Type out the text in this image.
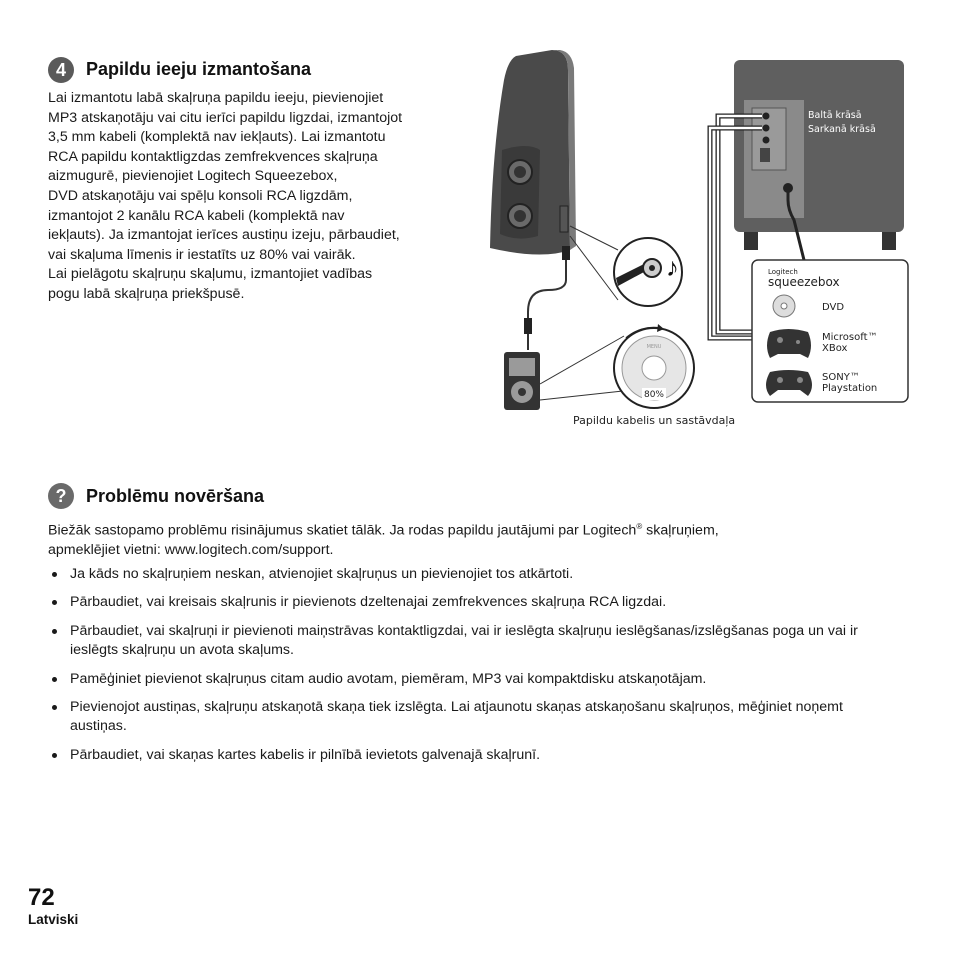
4 Papildu ieeju izmantošana
Lai izmantotu labā skaļruņa papildu ieeju, pievienojiet
MP3 atskaņotāju vai citu ierīci papildu ligzdai, izmantojot
3,5 mm kabeli (komplektā nav iekļauts). Lai izmantotu
RCA papildu kontaktligzdas zemfrekvences skaļruņa
aizmugurē, pievienojiet Logitech Squeezebox,
DVD atskaņotāju vai spēļu konsoli RCA ligzdām,
izmantojot 2 kanālu RCA kabeli (komplektā nav
iekļauts). Ja izmantojat ierīces austiņu izeju, pārbaudiet,
vai skaļuma līmenis ir iestatīts uz 80% vai vairāk.
Lai pielāgotu skaļruņu skaļumu, izmantojiet vadības
pogu labā skaļruņa priekšpusē.
♪
MENU
80%
Baltā krāsā
Sarkanā krāsā
Logitech
squeezebox
DVD
Microsoft™
XBox
SONY™
Playstation
Papildu kabelis un sastāvdaļa
? Problēmu novēršana
Biežāk sastopamo problēmu risinājumus skatiet tālāk. Ja rodas papildu jautājumi par Logitech® skaļruņiem,
apmeklējiet vietni: www.logitech.com/support.
Ja kāds no skaļruņiem neskan, atvienojiet skaļruņus un pievienojiet tos atkārtoti.
Pārbaudiet, vai kreisais skaļrunis ir pievienots dzeltenajai zemfrekvences skaļruņa RCA ligzdai.
Pārbaudiet, vai skaļruņi ir pievienoti maiņstrāvas kontaktligzdai, vai ir ieslēgta skaļruņu ieslēgšanas/izslēgšanas poga un vai ir ieslēgts skaļruņu un avota skaļums.
Pamēģiniet pievienot skaļruņus citam audio avotam, piemēram, MP3 vai kompaktdisku atskaņotājam.
Pievienojot austiņas, skaļruņu atskaņotā skaņa tiek izslēgta. Lai atjaunotu skaņas atskaņošanu skaļruņos, mēģiniet noņemt austiņas.
Pārbaudiet, vai skaņas kartes kabelis ir pilnībā ievietots galvenajā skaļrunī.
72
Latviski
